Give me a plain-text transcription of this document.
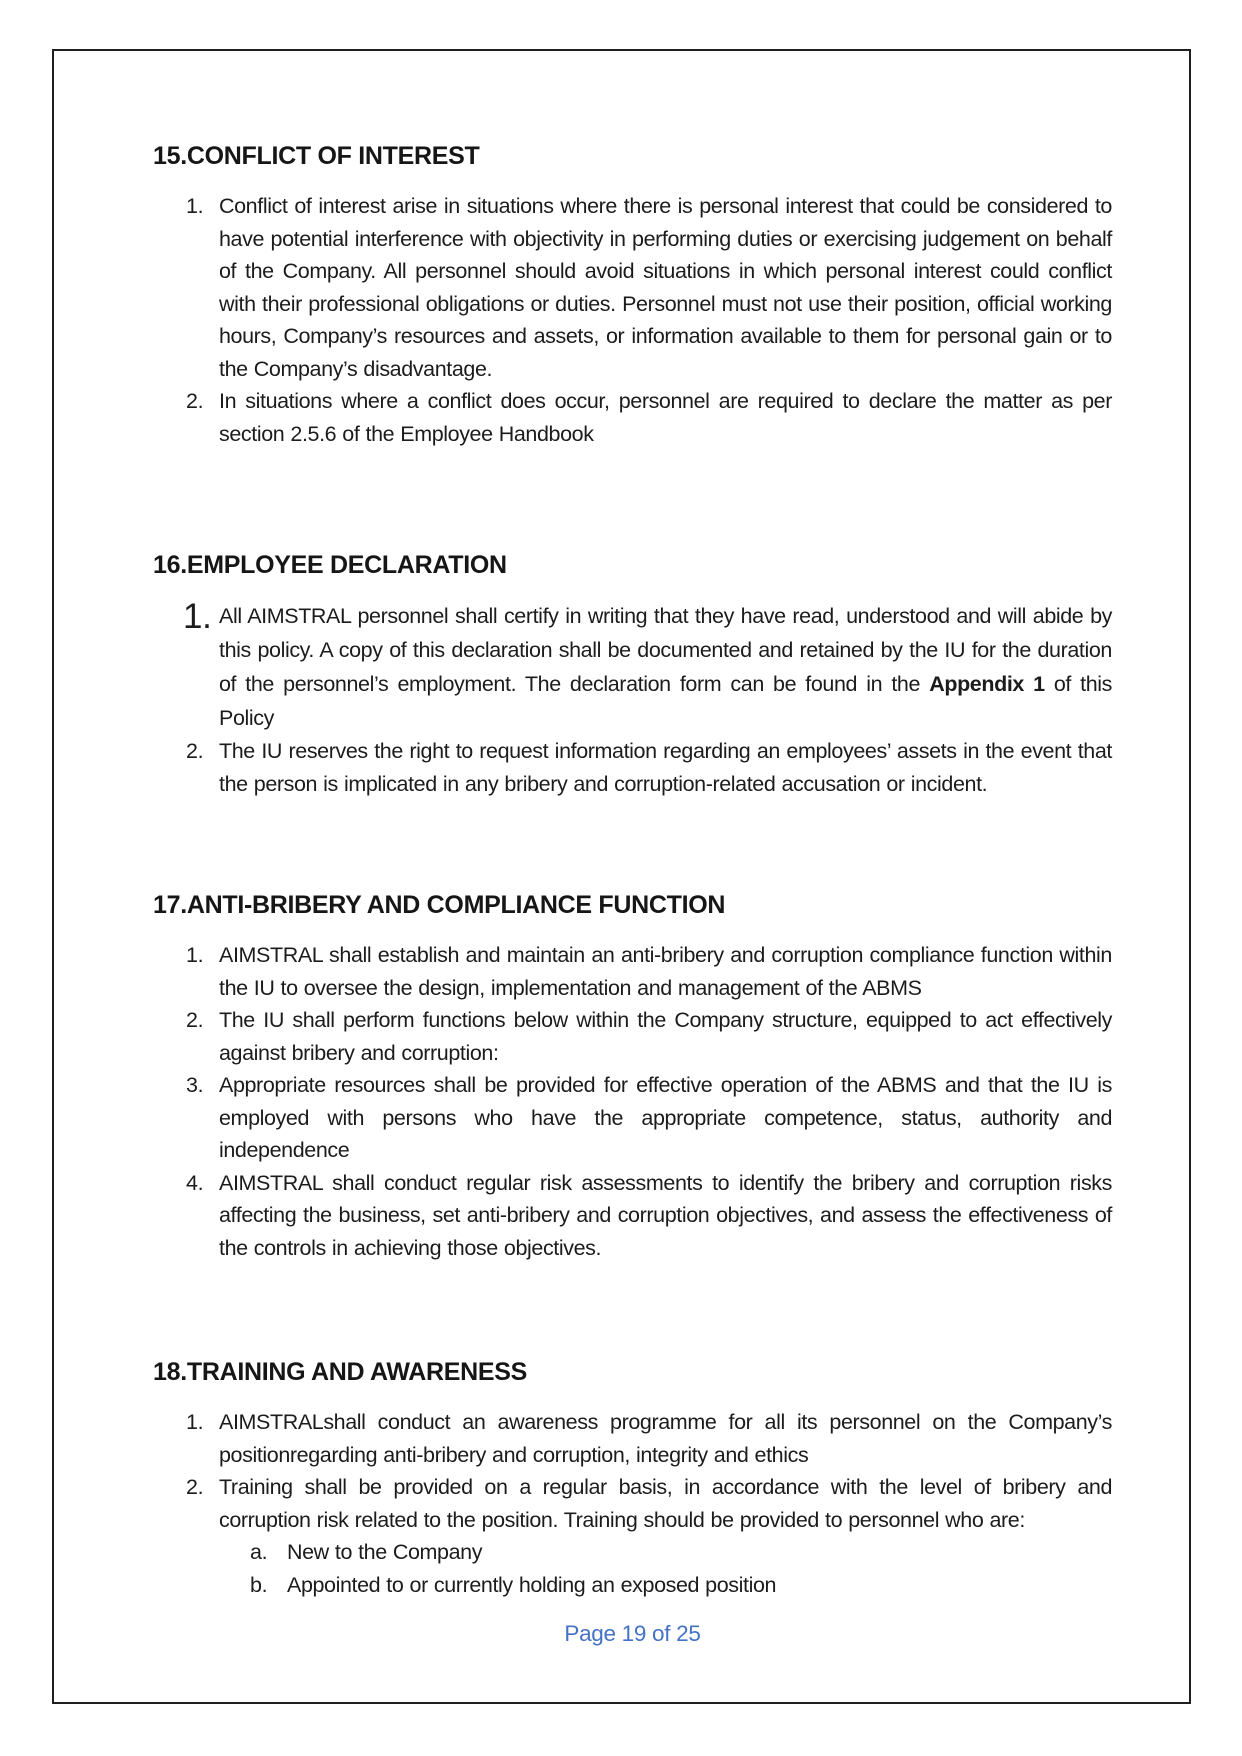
15. CONFLICT OF INTEREST
1. Conflict of interest arise in situations where there is personal interest that could be considered to have potential interference with objectivity in performing duties or exercising judgement on behalf of the Company. All personnel should avoid situations in which personal interest could conflict with their professional obligations or duties. Personnel must not use their position, official working hours, Company’s resources and assets, or information available to them for personal gain or to the Company’s disadvantage.
2. In situations where a conflict does occur, personnel are required to declare the matter as per section 2.5.6 of the Employee Handbook
16. EMPLOYEE DECLARATION
1. All AIMSTRAL personnel shall certify in writing that they have read, understood and will abide by this policy. A copy of this declaration shall be documented and retained by the IU for the duration of the personnel’s employment. The declaration form can be found in the Appendix 1 of this Policy
2. The IU reserves the right to request information regarding an employees’ assets in the event that the person is implicated in any bribery and corruption-related accusation or incident.
17. ANTI-BRIBERY AND COMPLIANCE FUNCTION
1. AIMSTRAL shall establish and maintain an anti-bribery and corruption compliance function within the IU to oversee the design, implementation and management of the ABMS
2. The IU shall perform functions below within the Company structure, equipped to act effectively against bribery and corruption:
3. Appropriate resources shall be provided for effective operation of the ABMS and that the IU is employed with persons who have the appropriate competence, status, authority and independence
4. AIMSTRAL shall conduct regular risk assessments to identify the bribery and corruption risks affecting the business, set anti-bribery and corruption objectives, and assess the effectiveness of the controls in achieving those objectives.
18. TRAINING AND AWARENESS
1. AIMSTRALshall conduct an awareness programme for all its personnel on the Company’s positionregarding anti-bribery and corruption, integrity and ethics
2. Training shall be provided on a regular basis, in accordance with the level of bribery and corruption risk related to the position. Training should be provided to personnel who are:
a. New to the Company
b. Appointed to or currently holding an exposed position
Page 19 of 25
